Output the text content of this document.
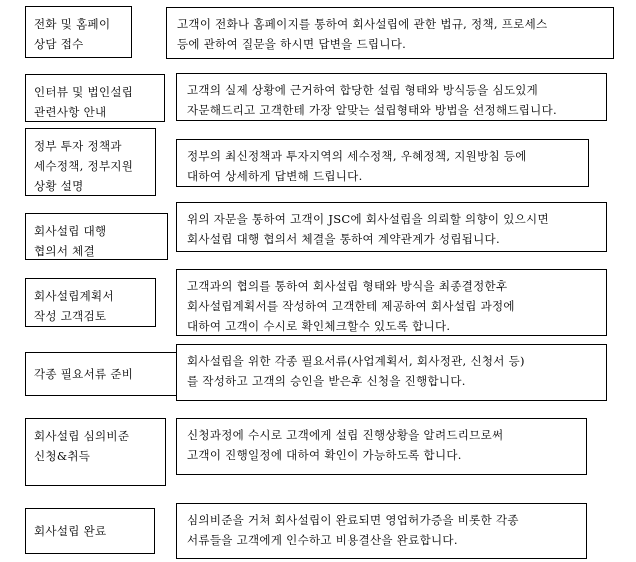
전화 및 홈페이
상담 접수
고객이 전화나 홈페이지를 통하여 회사설립에 관한 법규, 정책, 프로세스
등에 관하여 질문을 하시면 답변을 드립니다.
인터뷰 및 법인설립
관련사항 안내
고객의 실제 상황에 근거하여 합당한 설립 형태와 방식등을 심도있게
자문해드리고 고객한테 가장 알맞는 설립형태와 방법을 선정해드립니다.
정부 투자 정책과
세수정책, 정부지원
상황 설명
정부의 최신정책과 투자지역의 세수정책, 우혜정책, 지원방침 등에
대하여 상세하게 답변해 드립니다.
회사설립 대행
협의서 체결
위의 자문을 통하여 고객이 JSC에 회사설립을 의뢰할 의향이 있으시면
회사설립 대행 협의서 체결을 통하여 계약관계가 성립됩니다.
회사설립계획서
작성 고객검토
고객과의 협의를 통하여 회사설립 형태와 방식을 최종결정한후
회사설립계획서를 작성하여 고객한테 제공하여 회사설립 과정에
대하여 고객이 수시로 확인체크할수 있도록 합니다.
각종 필요서류 준비
회사설립을 위한 각종 필요서류(사업계획서, 회사정관, 신청서 등)
를 작성하고 고객의 승인을 받은후 신청을 진행합니다.
회사설립 심의비준
신청&취득
신청과정에 수시로 고객에게 설립 진행상황을 알려드리므로써
고객이 진행일정에 대하여 확인이 가능하도록 합니다.
회사설립 완료
심의비준을 거쳐 회사설립이 완료되면 영업허가증을 비롯한 각종
서류들을 고객에게 인수하고 비용결산을 완료합니다.
